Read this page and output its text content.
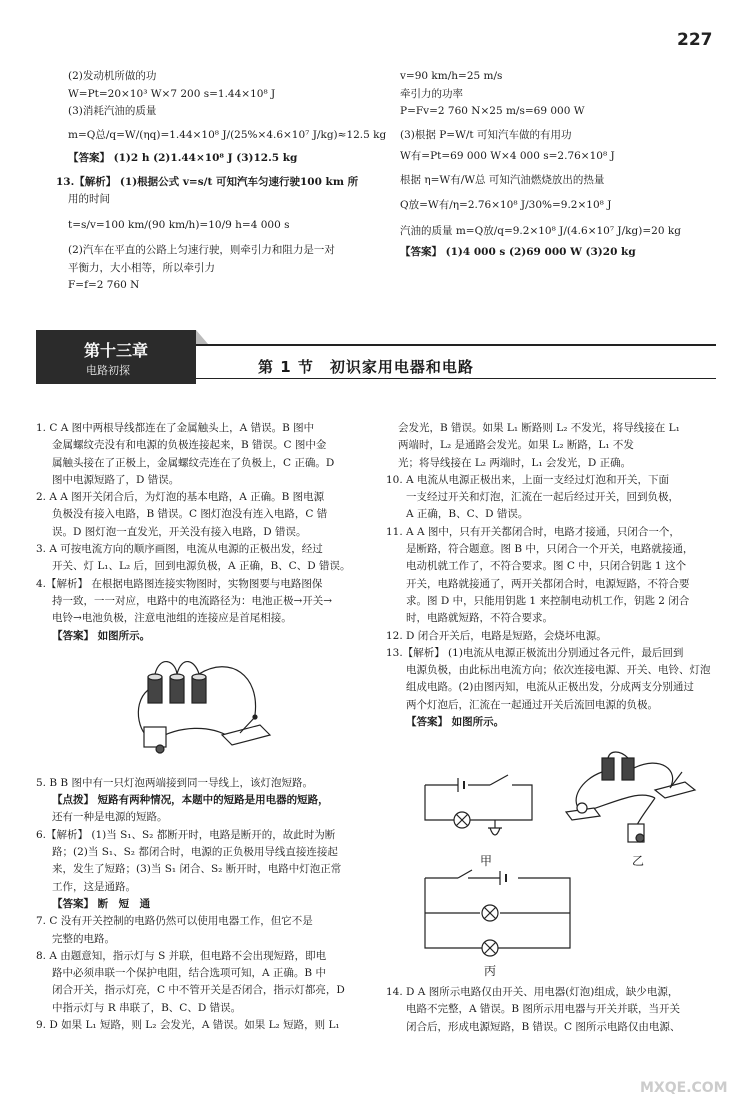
227
(2)发动机所做的功
W=Pt=20×10³ W×7 200 s=1.44×10⁸ J
(3)消耗汽油的质量
m=Q总/q=W/(ηq)=1.44×10⁸ J/(25%×4.6×10⁷ J/kg)≈12.5 kg
【答案】 (1)2 h (2)1.44×10⁸ J (3)12.5 kg
13.【解析】 (1)根据公式 v=s/t 可知汽车匀速行驶100 km 所
用的时间
t=s/v=100 km/(90 km/h)=10/9 h=4 000 s
(2)汽车在平直的公路上匀速行驶，则牵引力和阻力是一对
平衡力，大小相等，所以牵引力
F=f=2 760 N
v=90 km/h=25 m/s
牵引力的功率
P=Fv=2 760 N×25 m/s=69 000 W
(3)根据 P=W/t 可知汽车做的有用功
W有=Pt=69 000 W×4 000 s=2.76×10⁸ J
根据 η=W有/W总 可知汽油燃烧放出的热量
Q放=W有/η=2.76×10⁸ J/30%=9.2×10⁸ J
汽油的质量 m=Q放/q=9.2×10⁸ J/(4.6×10⁷ J/kg)=20 kg
【答案】 (1)4 000 s (2)69 000 W (3)20 kg
第十三章
电路初探	第 1 节　初识家用电器和电路
1. C A 图中两根导线都连在了金属触头上，A 错误。B 图中
金属螺纹壳没有和电源的负极连接起来，B 错误。C 图中金
属触头接在了正极上，金属螺纹壳连在了负极上，C 正确。D
图中电源短路了，D 错误。
2. A A 图开关闭合后，为灯泡的基本电路，A 正确。B 图电源
负极没有接入电路，B 错误。C 图灯泡没有连入电路，C 错
误。D 图灯泡一直发光，开关没有接入电路，D 错误。
3. A 可按电流方向的顺序画图，电流从电源的正极出发，经过
开关、灯 L₁、L₂ 后，回到电源负极，A 正确，B、C、D 错误。
4.【解析】 在根据电路图连接实物图时，实物图要与电路图保
持一致，一一对应，电路中的电流路径为：电池正极→开关→
电铃→电池负极，注意电池组的连接应是首尾相接。
【答案】 如图所示。
5. B B 图中有一只灯泡两端接到同一导线上，该灯泡短路。
【点拨】 短路有两种情况，本题中的短路是用电器的短路，
还有一种是电源的短路。
6.【解析】 (1)当 S₁、S₂ 都断开时，电路是断开的，故此时为断
路；(2)当 S₁、S₂ 都闭合时，电源的正负极用导线直接连接起
来，发生了短路；(3)当 S₁ 闭合、S₂ 断开时，电路中灯泡正常
工作，这是通路。
【答案】 断　短　通
7. C 没有开关控制的电路仍然可以使用电器工作，但它不是
完整的电路。
8. A 由题意知，指示灯与 S 并联，但电路不会出现短路，即电
路中必须串联一个保护电阻，结合选项可知，A 正确。B 中
闭合开关，指示灯亮，C 中不管开关是否闭合，指示灯都亮，D
中指示灯与 R 串联了，B、C、D 错误。
9. D 如果 L₁ 短路，则 L₂ 会发光，A 错误。如果 L₂ 短路，则 L₁
会发光，B 错误。如果 L₁ 断路则 L₂ 不发光，将导线接在 L₁
两端时，L₂ 是通路会发光。如果 L₂ 断路，L₁ 不发
光；将导线接在 L₂ 两端时，L₁ 会发光，D 正确。
10. A 电流从电源正极出来，上面一支经过灯泡和开关，下面
一支经过开关和灯泡，汇流在一起后经过开关，回到负极，
A 正确，B、C、D 错误。
11. A A 图中，只有开关都闭合时，电路才接通，只闭合一个，
是断路，符合题意。图 B 中，只闭合一个开关，电路就接通，
电动机就工作了，不符合要求。图 C 中，只闭合钥匙 1 这个
开关，电路就接通了，两开关都闭合时，电源短路，不符合要
求。图 D 中，只能用钥匙 1 来控制电动机工作，钥匙 2 闭合
时，电路就短路，不符合要求。
12. D 闭合开关后，电路是短路，会烧坏电源。
13.【解析】 (1)电流从电源正极流出分别通过各元件，最后回到
电源负极，由此标出电流方向；依次连接电源、开关、电铃、灯泡
组成电路。(2)由图丙知，电流从正极出发，分成两支分别通过
两个灯泡后，汇流在一起通过开关后流回电源的负极。
【答案】 如图所示。
甲	乙
丙
14. D A 图所示电路仅由开关、用电器(灯泡)组成，缺少电源，
电路不完整，A 错误。B 图所示用电器与开关并联，当开关
闭合后，形成电源短路，B 错误。C 图所示电路仅由电源、
MXQE.COM
